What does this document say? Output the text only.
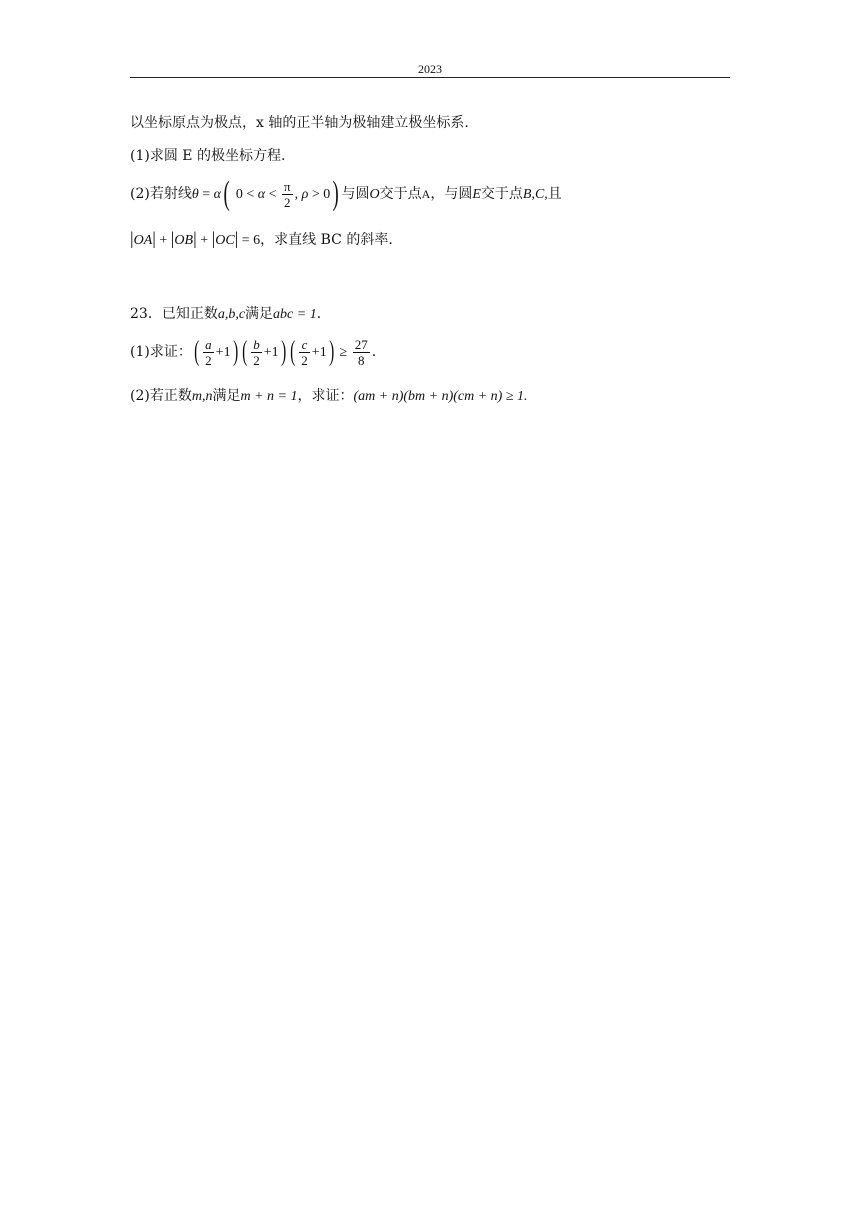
2023
以坐标原点为极点，x 轴的正半轴为极轴建立极坐标系.
(1)求圆 E 的极坐标方程.
(2)若射线θ = α( $0 < \alpha < \frac{\pi}{2}$ , ρ > 0) 与圆O交于点A，与圆E交于点B,C,且
|OA| + |OB| + |OC| = 6，求直线 BC 的斜率.
23．已知正数a,b,c满足abc = 1．
(1)求证：( $\frac{a}{2} +1$) ( $\frac{b}{2} +1$) ( $\frac{c}{2} +1) \ge \frac{27}{8}$ .
(2)若正数m,n满足m + n = 1，求证：(am + n)(bm + n)(cm + n) ≥ 1.
